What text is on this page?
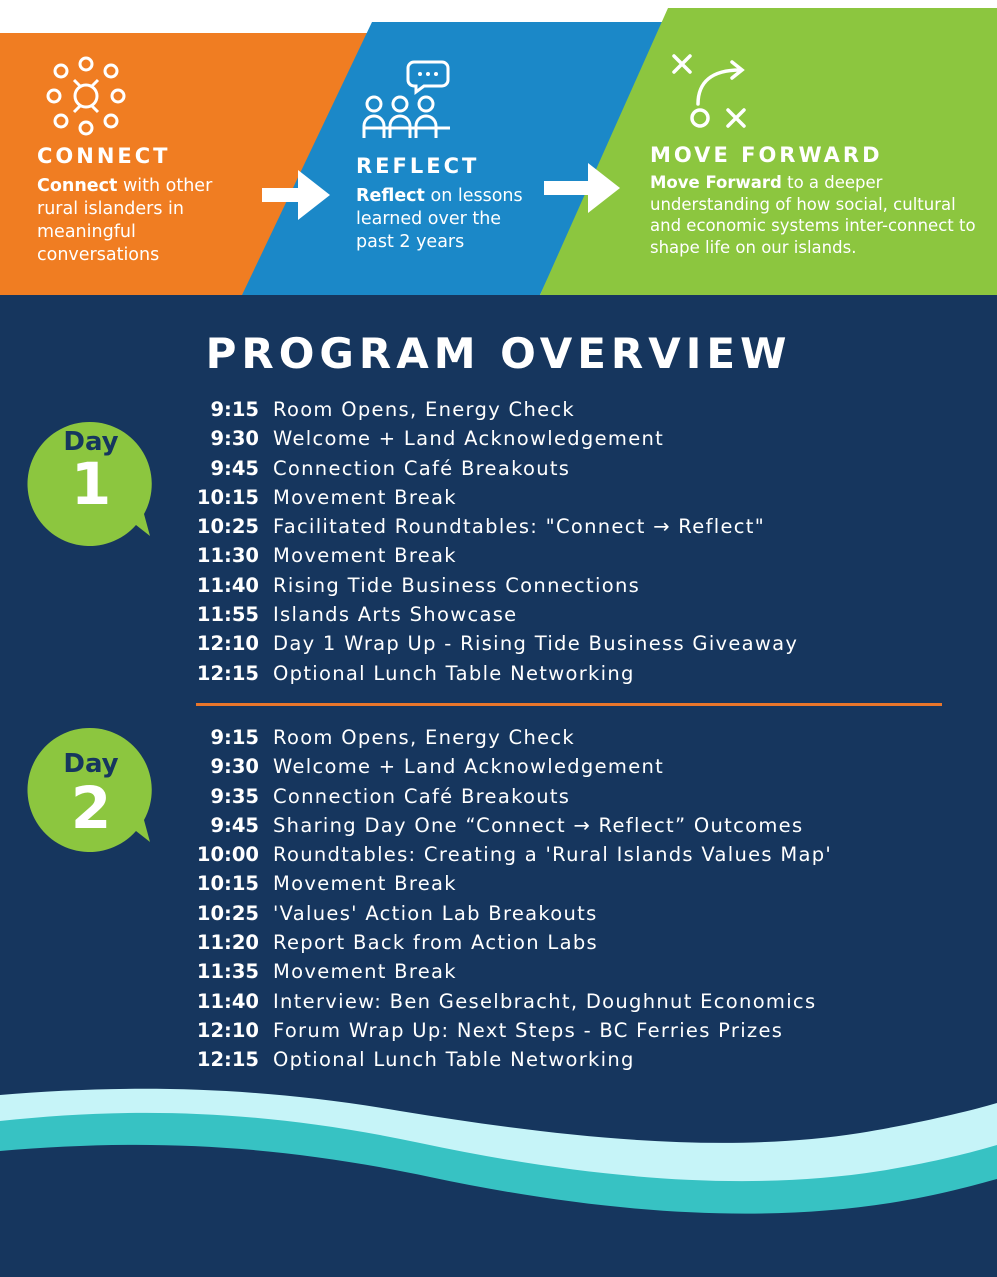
CONNECT

Connect with other rural islanders in meaningful conversations

REFLECT

Reflect on lessons learned over the past 2 years

MOVE FORWARD

Move Forward to a deeper understanding of how social, cultural and economic systems inter-connect to shape life on our islands.

PROGRAM OVERVIEW
Day
1
9:15 Room Opens, Energy Check
9:30 Welcome + Land Acknowledgement
9:45 Connection Café Breakouts
10:15 Movement Break
10:25 Facilitated Roundtables: "Connect → Reflect"
11:30 Movement Break
11:40 Rising Tide Business Connections
11:55 Islands Arts Showcase
12:10 Day 1 Wrap Up - Rising Tide Business Giveaway
12:15 Optional Lunch Table Networking
Day
2
9:15 Room Opens, Energy Check
9:30 Welcome + Land Acknowledgement
9:35 Connection Café Breakouts
9:45 Sharing Day One “Connect → Reflect” Outcomes
10:00 Roundtables: Creating a 'Rural Islands Values Map'
10:15 Movement Break
10:25 'Values' Action Lab Breakouts
11:20 Report Back from Action Labs
11:35 Movement Break
11:40 Interview: Ben Geselbracht, Doughnut Economics
12:10 Forum Wrap Up: Next Steps - BC Ferries Prizes
12:15 Optional Lunch Table Networking
